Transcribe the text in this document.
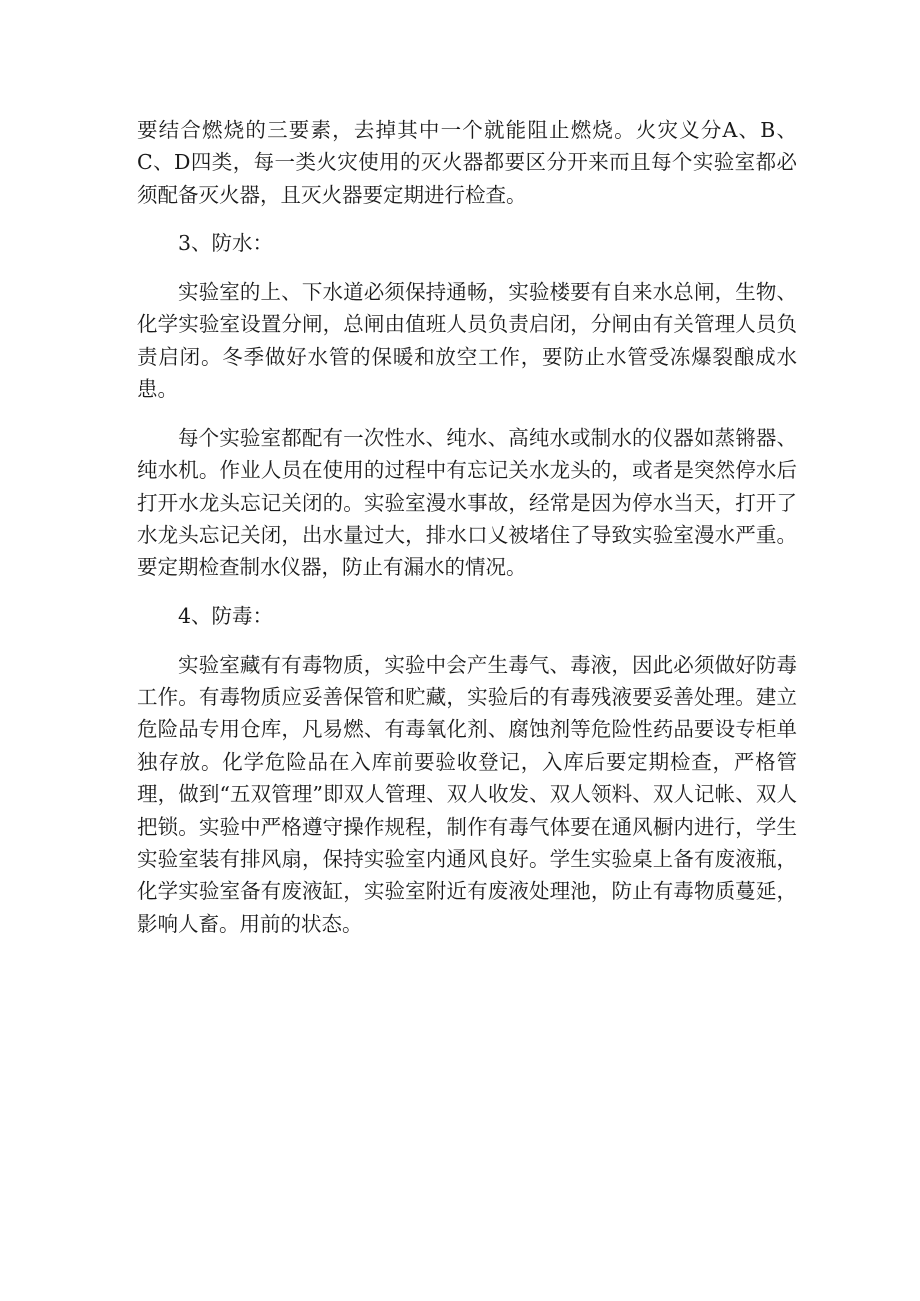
要结合燃烧的三要素，去掉其中一个就能阻止燃烧。火灾义分A、B、C、D四类，每一类火灾使用的灭火器都要区分开来而且每个实验室都必须配备灭火器，且灭火器要定期进行检查。

3、防水：

实验室的上、下水道必须保持通畅，实验楼要有自来水总闸，生物、化学实验室设置分闸，总闸由值班人员负责启闭，分闸由有关管理人员负责启闭。冬季做好水管的保暖和放空工作，要防止水管受冻爆裂酿成水患。

每个实验室都配有一次性水、纯水、高纯水或制水的仪器如蒸锵器、纯水机。作业人员在使用的过程中有忘记关水龙头的，或者是突然停水后打开水龙头忘记关闭的。实验室漫水事故，经常是因为停水当天，打开了水龙头忘记关闭，出水量过大，排水口乂被堵住了导致实验室漫水严重。要定期检查制水仪器，防止有漏水的情况。

4、防毒：

实验室藏有有毒物质，实验中会产生毒气、毒液，因此必须做好防毒工作。有毒物质应妥善保管和贮藏，实验后的有毒残液要妥善处理。建立危险品专用仓库，凡易燃、有毒氧化剂、腐蚀剂等危险性药品要设专柜单独存放。化学危险品在入库前要验收登记，入库后要定期检查，严格管理，做到“五双管理”即双人管理、双人收发、双人领料、双人记帐、双人把锁。实验中严格遵守操作规程，制作有毒气体要在通风橱内进行，学生实验室装有排风扇，保持实验室内通风良好。学生实验桌上备有废液瓶，化学实验室备有废液缸，实验室附近有废液处理池，防止有毒物质蔓延，影响人畜。用前的状态。
